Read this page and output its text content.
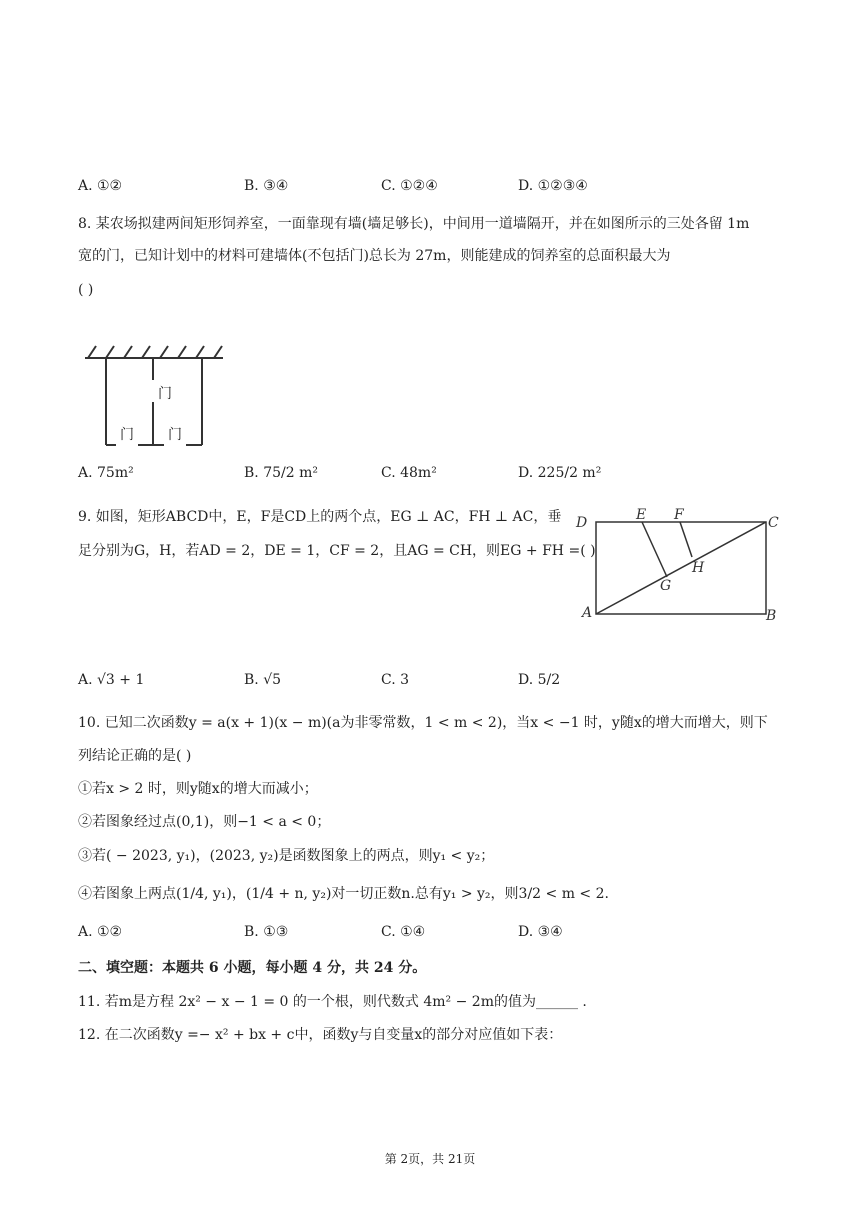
A. ①②	B. ③④	C. ①②④	D. ①②③④
8. 某农场拟建两间矩形饲养室，一面靠现有墙(墙足够长)，中间用一道墙隔开，并在如图所示的三处各留 1m
宽的门，已知计划中的材料可建墙体(不包括门)总长为 27m，则能建成的饲养室的总面积最大为
( )
门
门 门
A. 75m²	B. 75/2 m²	C. 48m²	D. 225/2 m²
9. 如图，矩形ABCD中，E，F是CD上的两个点，EG ⊥ AC，FH ⊥ AC，垂
足分别为G，H，若AD = 2，DE = 1，CF = 2，且AG = CH，则EG + FH =( )
D	E F	C
G
H
A	B
A. √3 + 1	B. √5	C. 3	D. 5/2
10. 已知二次函数y = a(x + 1)(x − m)(a为非零常数，1 < m < 2)，当x < −1 时，y随x的增大而增大，则下
列结论正确的是( )
①若x > 2 时，则y随x的增大而减小；
②若图象经过点(0,1)，则−1 < a < 0；
③若( − 2023, y₁)，(2023, y₂)是函数图象上的两点，则y₁ < y₂；
④若图象上两点(1/4, y₁)，(1/4 + n, y₂)对一切正数n.总有y₁ > y₂，则3/2 < m < 2.
A. ①②	B. ①③	C. ①④	D. ③④
二、填空题：本题共 6 小题，每小题 4 分，共 24 分。
11. 若m是方程 2x² − x − 1 = 0 的一个根，则代数式 4m² − 2m的值为______ .
12. 在二次函数y =− x² + bx + c中，函数y与自变量x的部分对应值如下表：
第 2页，共 21页
